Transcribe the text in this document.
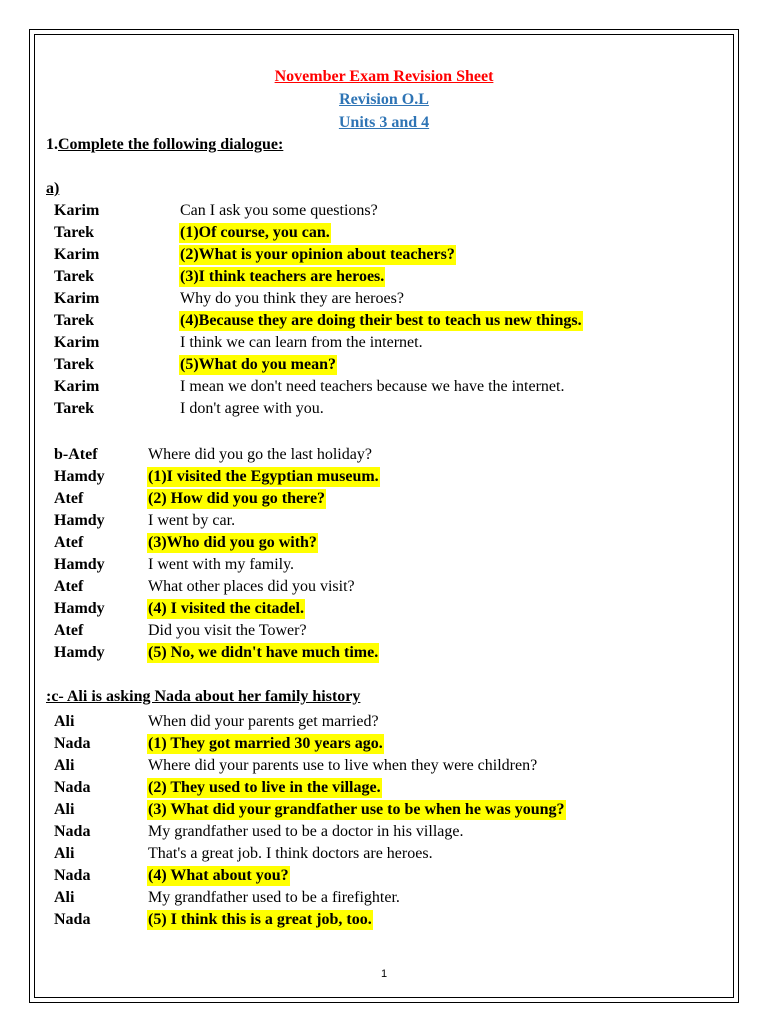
November Exam Revision Sheet
Revision O.L
Units 3 and 4
1.Complete the following dialogue:
a)
Karim	Can I ask you some questions?
Tarek	(1)Of course, you can.
Karim	(2)What is your opinion about teachers?
Tarek	(3)I think teachers are heroes.
Karim	Why do you think they are heroes?
Tarek	(4)Because they are doing their best to teach us new things.
Karim	I think we can learn from the internet.
Tarek	(5)What do you mean?
Karim	I mean we don't need teachers because we have the internet.
Tarek	I don't agree with you.
b-Atef	Where did you go the last holiday?
Hamdy	(1)I visited the Egyptian museum.
Atef	(2) How did you go there?
Hamdy	I went by car.
Atef	(3)Who did you go with?
Hamdy	I went with my family.
Atef	What other places did you visit?
Hamdy	(4) I visited the citadel.
Atef	Did you visit the Tower?
Hamdy	(5) No, we didn't have much time.
:c- Ali is asking Nada about her family history
Ali	When did your parents get married?
Nada	(1) They got married 30 years ago.
Ali	Where did your parents use to live when they were children?
Nada	(2) They used to live in the village.
Ali	(3) What did your grandfather use to be when he was young?
Nada	My grandfather used to be a doctor in his village.
Ali	That's a great job. I think doctors are heroes.
Nada	(4) What about you?
Ali	My grandfather used to be a firefighter.
Nada	(5) I think this is a great job, too.
1
